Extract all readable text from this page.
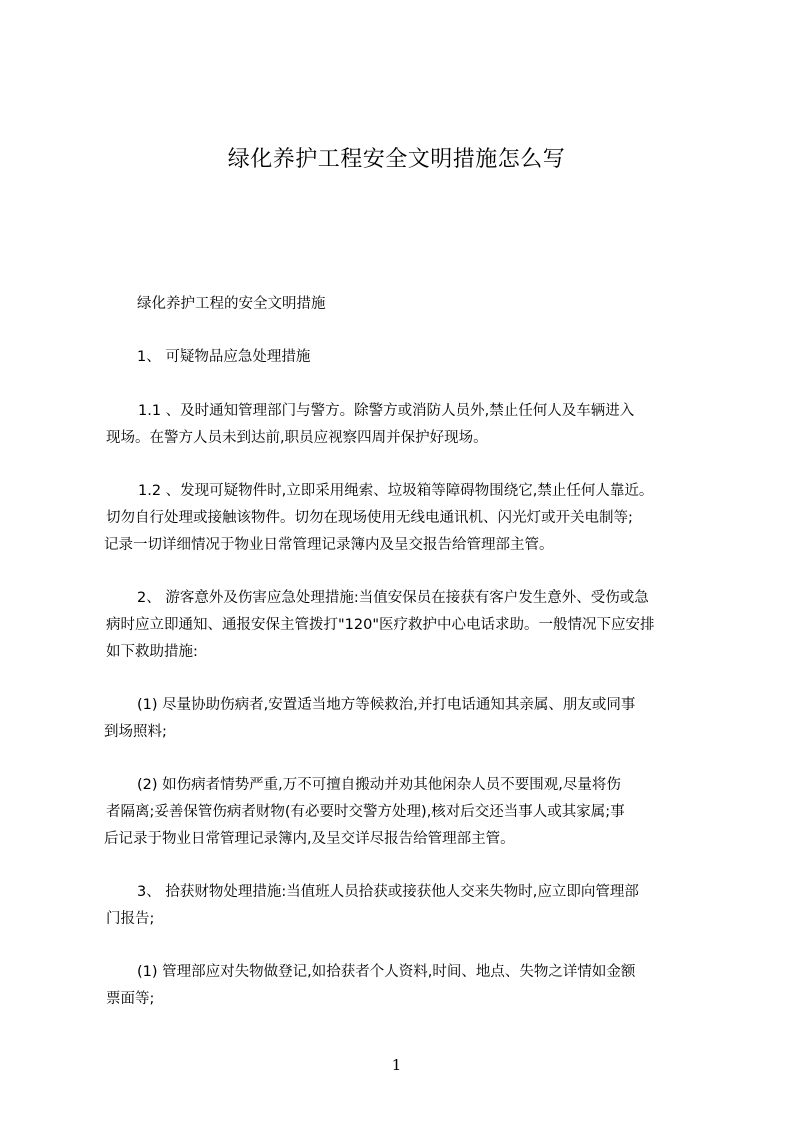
绿化养护工程安全文明措施怎么写
绿化养护工程的安全文明措施
1、 可疑物品应急处理措施
1.1 、及时通知管理部门与警方。除警方或消防人员外,禁止任何人及车辆进入
现场。在警方人员未到达前,职员应视察四周并保护好现场。
1.2 、发现可疑物件时,立即采用绳索、垃圾箱等障碍物围绕它,禁止任何人靠近。
切勿自行处理或接触该物件。切勿在现场使用无线电通讯机、闪光灯或开关电制等;
记录一切详细情况于物业日常管理记录簿内及呈交报告给管理部主管。
2、 游客意外及伤害应急处理措施:当值安保员在接获有客户发生意外、受伤或急
病时应立即通知、通报安保主管拨打"120"医疗救护中心电话求助。一般情况下应安排
如下救助措施:
(1) 尽量协助伤病者,安置适当地方等候救治,并打电话通知其亲属、朋友或同事
到场照料;
(2) 如伤病者情势严重,万不可擅自搬动并劝其他闲杂人员不要围观,尽量将伤
者隔离;妥善保管伤病者财物(有必要时交警方处理),核对后交还当事人或其家属;事
后记录于物业日常管理记录簿内,及呈交详尽报告给管理部主管。
3、 拾获财物处理措施:当值班人员拾获或接获他人交来失物时,应立即向管理部
门报告;
(1) 管理部应对失物做登记,如拾获者个人资料,时间、地点、失物之详情如金额
票面等;
1
